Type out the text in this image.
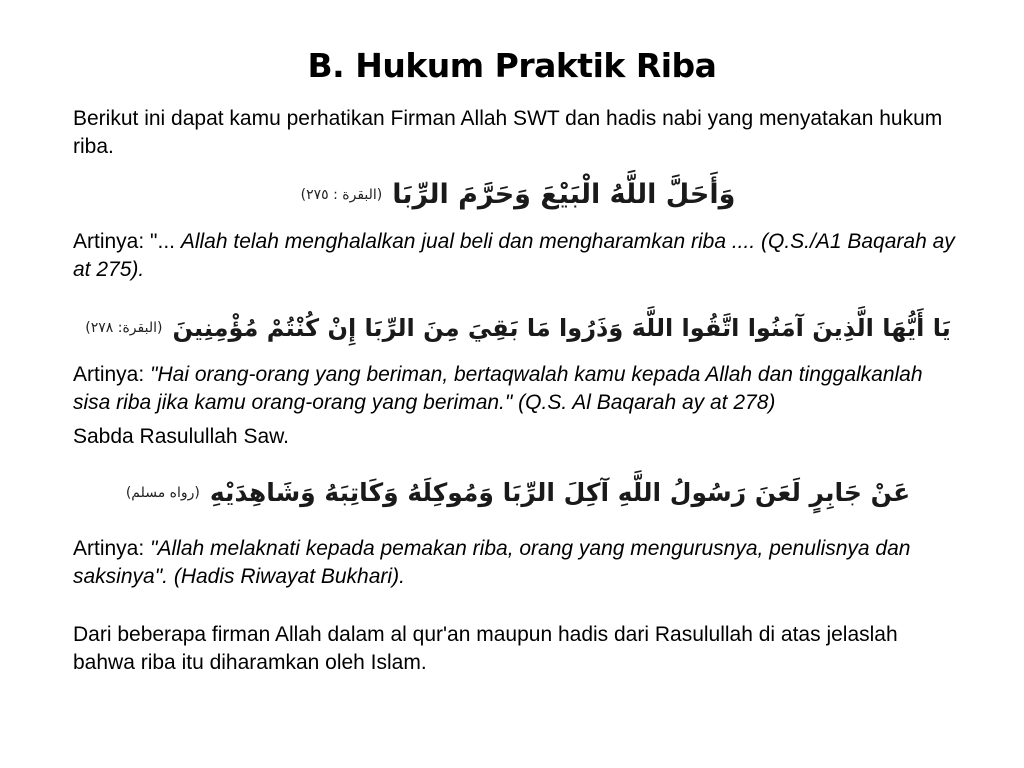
B. Hukum Praktik Riba

Berikut ini dapat kamu perhatikan Firman Allah SWT dan hadis nabi yang menyatakan hukum riba.

وَأَحَلَّ اللَّهُ الْبَيْعَ وَحَرَّمَ الرِّبَا
(البقرة : ٢٧٥)

Artinya: "... Allah telah menghalalkan jual beli dan mengharamkan riba .... (Q.S./A1 Baqarah ay at 275).

يَا أَيُّهَا الَّذِينَ آمَنُوا اتَّقُوا اللَّهَ وَذَرُوا مَا بَقِيَ مِنَ الرِّبَا إِنْ كُنْتُمْ مُؤْمِنِينَ
(البقرة: ٢٧٨)

Artinya: "Hai orang-orang yang beriman, bertaqwalah kamu kepada Allah dan tinggalkanlah sisa riba jika kamu orang-orang yang beriman." (Q.S. Al Baqarah ay at 278)

Sabda Rasulullah Saw.

عَنْ جَابِرٍ لَعَنَ رَسُولُ اللَّهِ آكِلَ الرِّبَا وَمُوكِلَهُ وَكَاتِبَهُ وَشَاهِدَيْهِ
(رواه مسلم)

Artinya: "Allah melaknati kepada pemakan riba, orang yang mengurusnya, penulisnya dan saksinya". (Hadis Riwayat Bukhari).

Dari beberapa firman Allah dalam al qur'an maupun hadis dari Rasulullah di atas jelaslah bahwa riba itu diharamkan oleh Islam.
